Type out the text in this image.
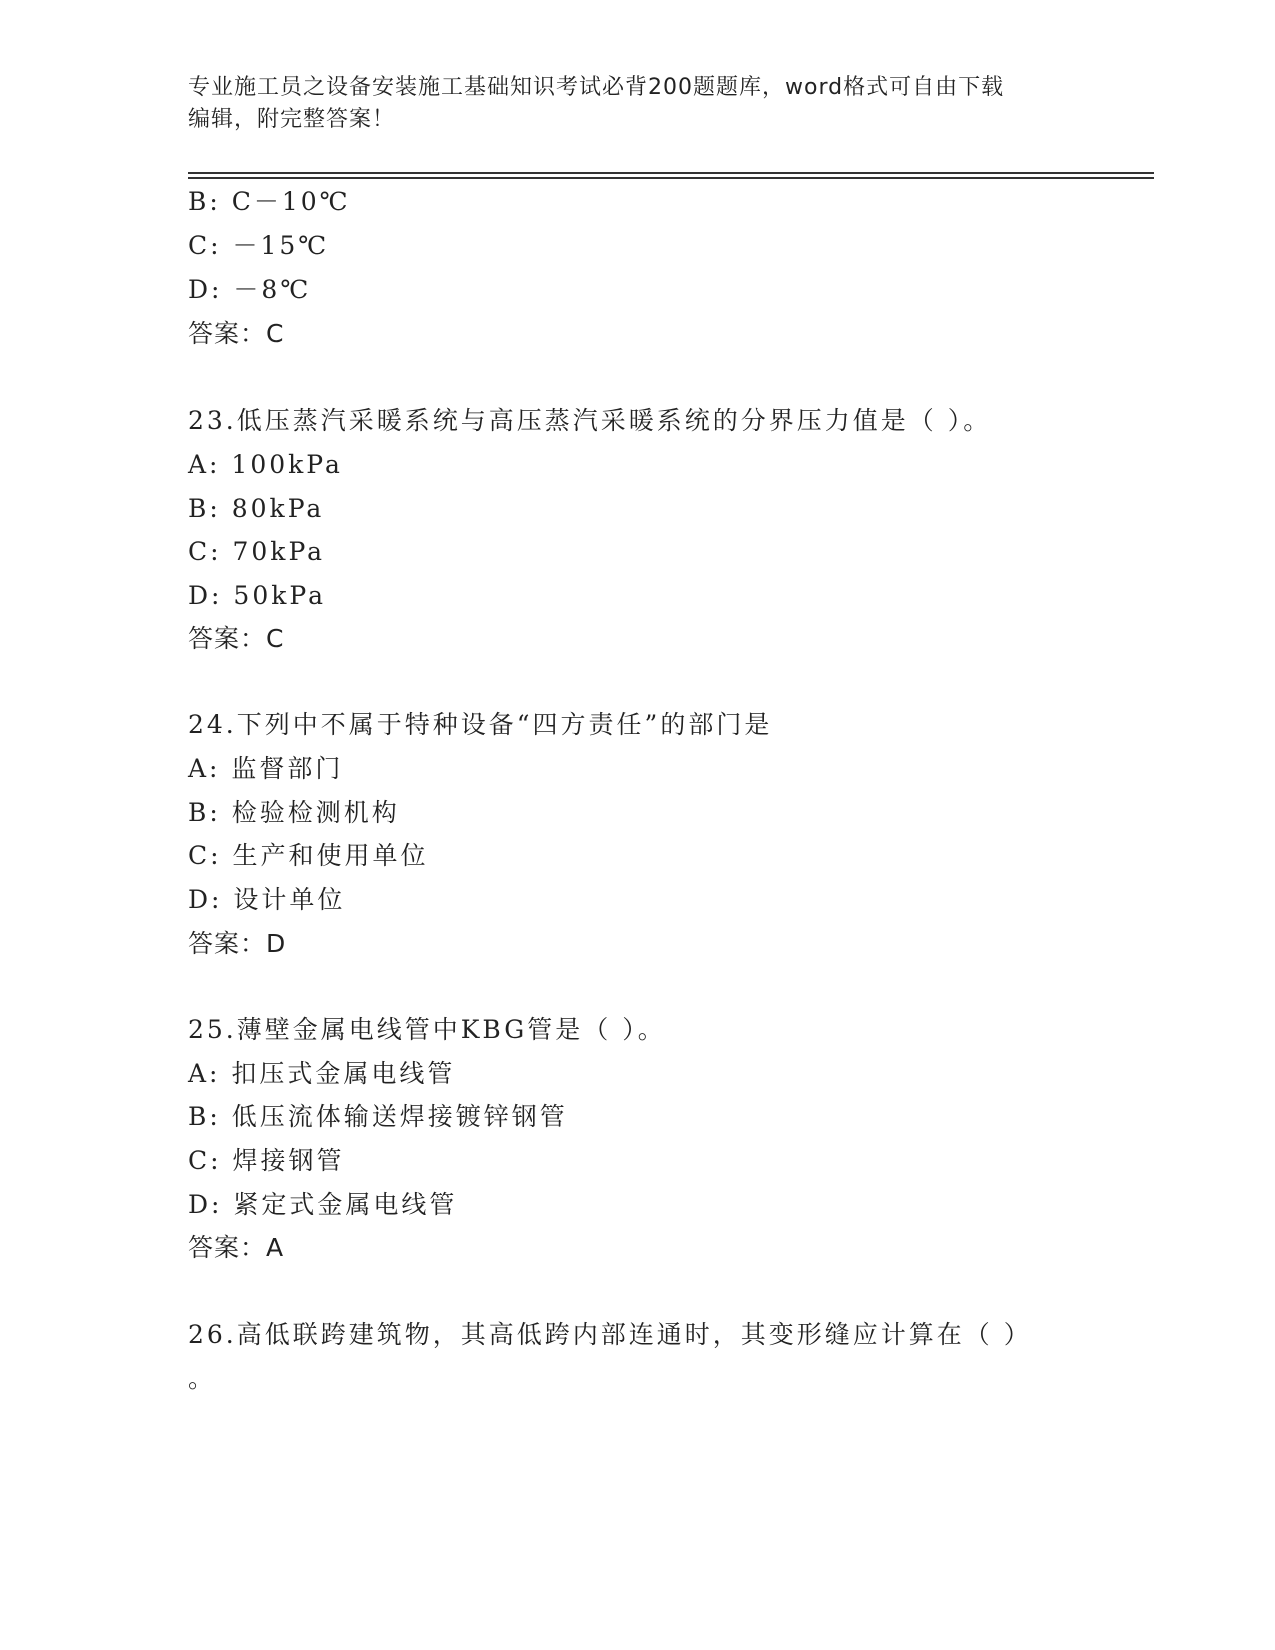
专业施工员之设备安装施工基础知识考试必背200题题库，word格式可自由下载
编辑，附完整答案！
B: C－10℃
C: －15℃
D: －8℃
答案：C
23.低压蒸汽采暖系统与高压蒸汽采暖系统的分界压力值是（ ）。
A: 100kPa
B: 80kPa
C: 70kPa
D: 50kPa
答案：C
24.下列中不属于特种设备“四方责任”的部门是
A: 监督部门
B: 检验检测机构
C: 生产和使用单位
D: 设计单位
答案：D
25.薄壁金属电线管中KBG管是（ ）。
A: 扣压式金属电线管
B: 低压流体输送焊接镀锌钢管
C: 焊接钢管
D: 紧定式金属电线管
答案：A
26.高低联跨建筑物，其高低跨内部连通时，其变形缝应计算在（ ）
。
